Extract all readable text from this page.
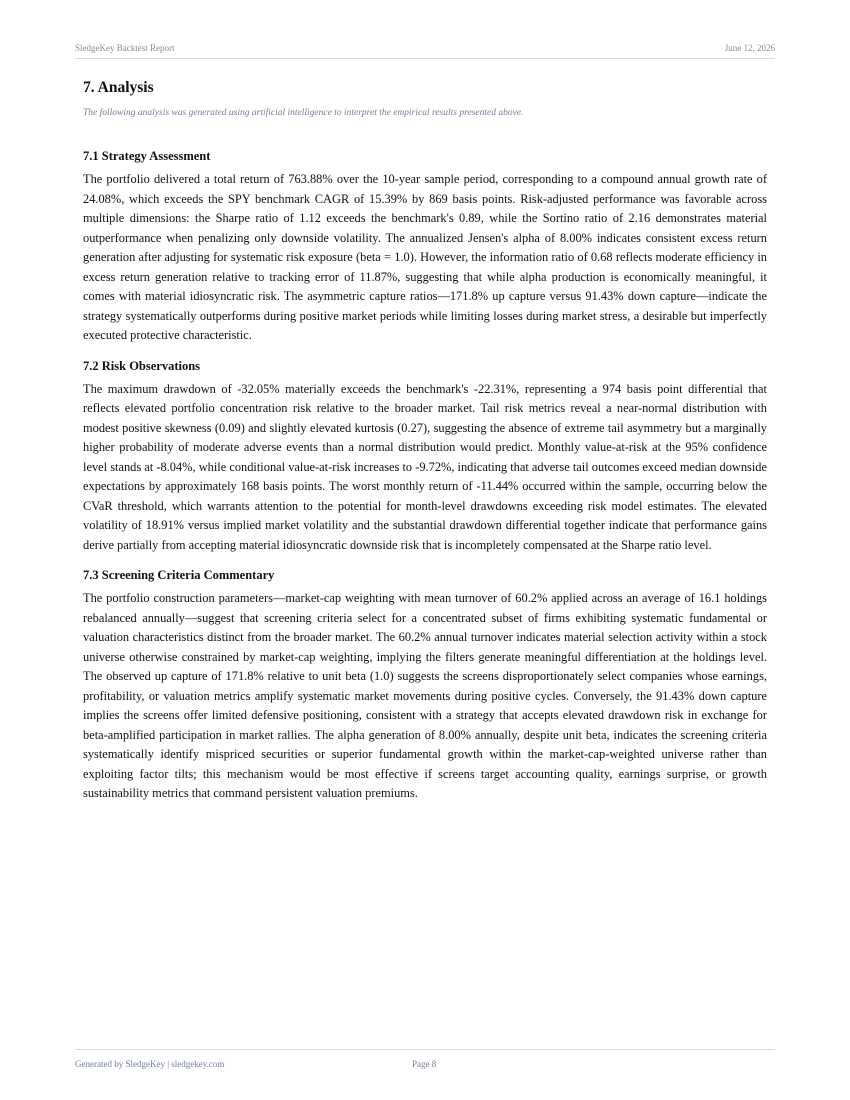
SledgeKey Backtest Report	June 12, 2026
7. Analysis

The following analysis was generated using artificial intelligence to interpret the empirical results presented above.

7.1 Strategy Assessment

The portfolio delivered a total return of 763.88% over the 10-year sample period, corresponding to a compound annual growth rate of 24.08%, which exceeds the SPY benchmark CAGR of 15.39% by 869 basis points. Risk-adjusted performance was favorable across multiple dimensions: the Sharpe ratio of 1.12 exceeds the benchmark's 0.89, while the Sortino ratio of 2.16 demonstrates material outperformance when penalizing only downside volatility. The annualized Jensen's alpha of 8.00% indicates consistent excess return generation after adjusting for systematic risk exposure (beta = 1.0). However, the information ratio of 0.68 reflects moderate efficiency in excess return generation relative to tracking error of 11.87%, suggesting that while alpha production is economically meaningful, it comes with material idiosyncratic risk. The asymmetric capture ratios—171.8% up capture versus 91.43% down capture—indicate the strategy systematically outperforms during positive market periods while limiting losses during market stress, a desirable but imperfectly executed protective characteristic.

7.2 Risk Observations

The maximum drawdown of -32.05% materially exceeds the benchmark's -22.31%, representing a 974 basis point differential that reflects elevated portfolio concentration risk relative to the broader market. Tail risk metrics reveal a near-normal distribution with modest positive skewness (0.09) and slightly elevated kurtosis (0.27), suggesting the absence of extreme tail asymmetry but a marginally higher probability of moderate adverse events than a normal distribution would predict. Monthly value-at-risk at the 95% confidence level stands at -8.04%, while conditional value-at-risk increases to -9.72%, indicating that adverse tail outcomes exceed median downside expectations by approximately 168 basis points. The worst monthly return of -11.44% occurred within the sample, occurring below the CVaR threshold, which warrants attention to the potential for month-level drawdowns exceeding risk model estimates. The elevated volatility of 18.91% versus implied market volatility and the substantial drawdown differential together indicate that performance gains derive partially from accepting material idiosyncratic downside risk that is incompletely compensated at the Sharpe ratio level.

7.3 Screening Criteria Commentary

The portfolio construction parameters—market-cap weighting with mean turnover of 60.2% applied across an average of 16.1 holdings rebalanced annually—suggest that screening criteria select for a concentrated subset of firms exhibiting systematic fundamental or valuation characteristics distinct from the broader market. The 60.2% annual turnover indicates material selection activity within a stock universe otherwise constrained by market-cap weighting, implying the filters generate meaningful differentiation at the holdings level. The observed up capture of 171.8% relative to unit beta (1.0) suggests the screens disproportionately select companies whose earnings, profitability, or valuation metrics amplify systematic market movements during positive cycles. Conversely, the 91.43% down capture implies the screens offer limited defensive positioning, consistent with a strategy that accepts elevated drawdown risk in exchange for beta-amplified participation in market rallies. The alpha generation of 8.00% annually, despite unit beta, indicates the screening criteria systematically identify mispriced securities or superior fundamental growth within the market-cap-weighted universe rather than exploiting factor tilts; this mechanism would be most effective if screens target accounting quality, earnings surprise, or growth sustainability metrics that command persistent valuation premiums.

Generated by SledgeKey | sledgekey.com	Page 8
